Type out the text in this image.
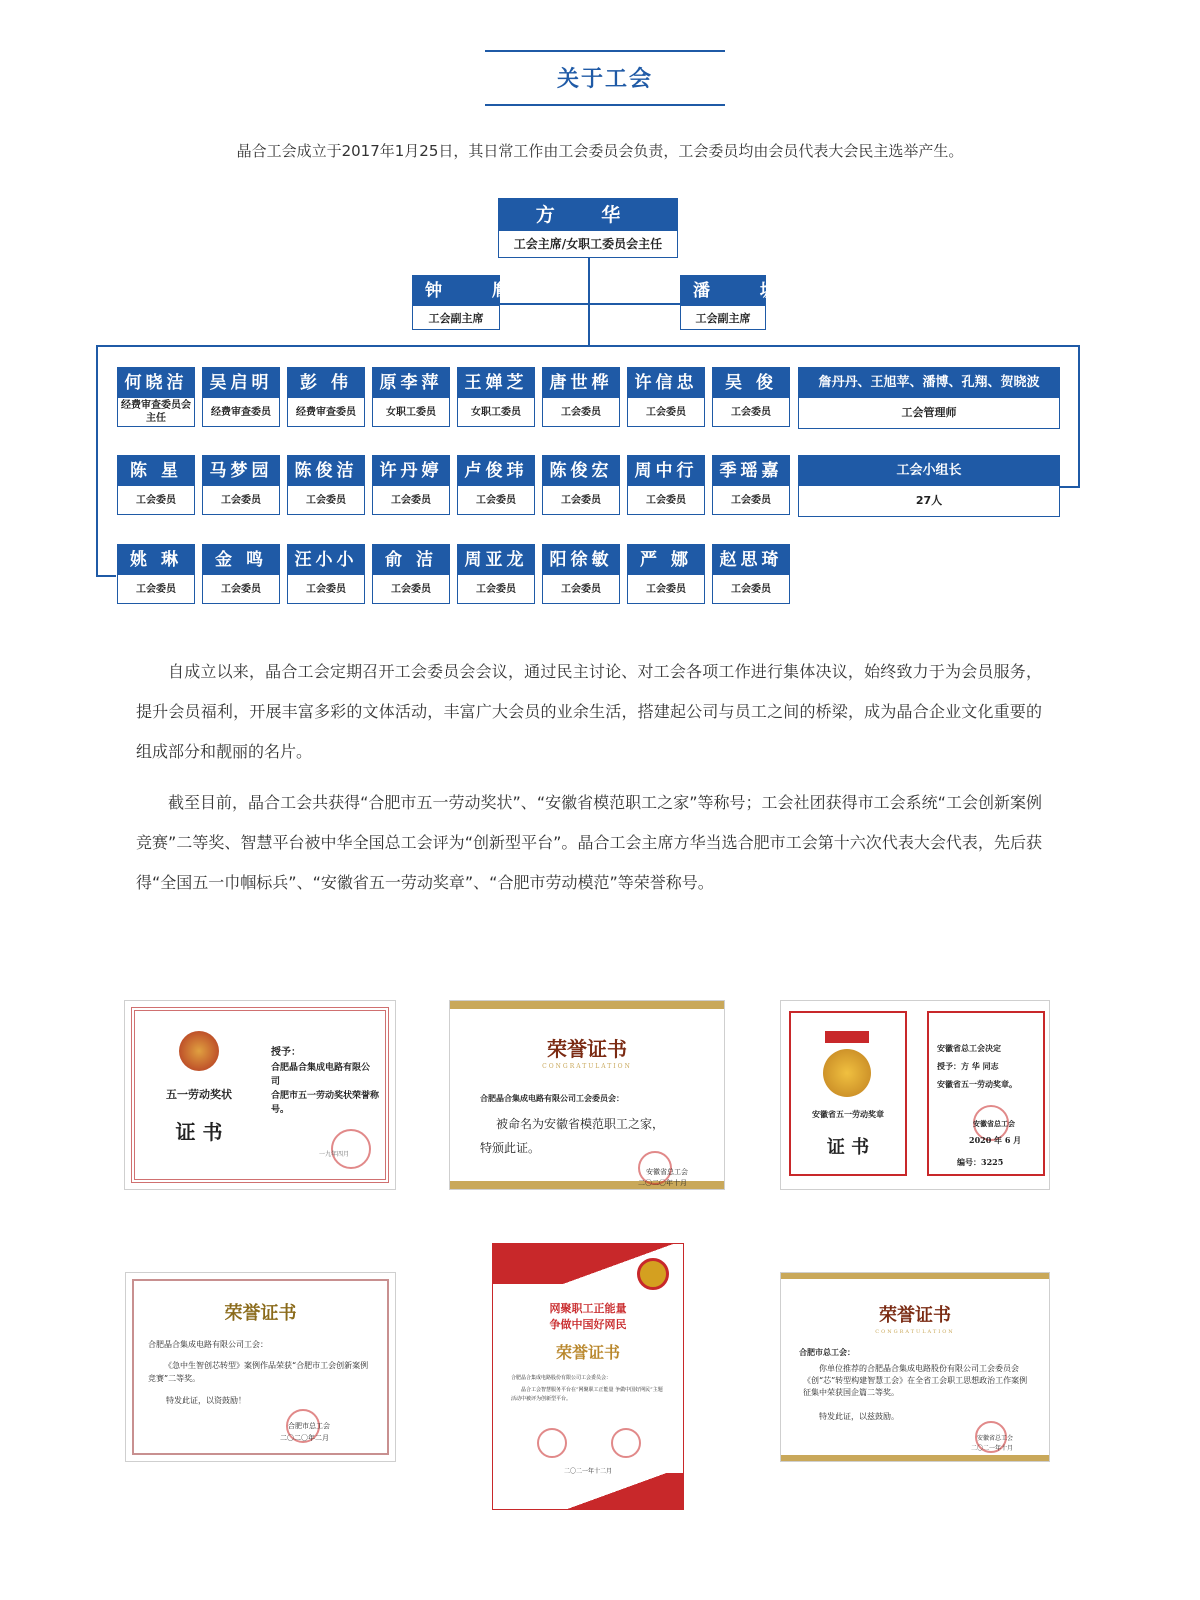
关于工会
晶合工会成立于2017年1月25日，其日常工作由工会委员会负责，工会委员均由会员代表大会民主选举产生。
方 华
工会主席/女职工委员会主任
钟 胤
工会副主席
潘 坡
工会副主席
詹丹丹、王旭苹、潘博、孔翔、贺晓波
工会管理师
工会小组长
27人
何晓洁
经费审查委员会主任
吴启明
经费审查委员
彭 伟
经费审查委员
原李萍
女职工委员
王婵芝
女职工委员
唐世桦
工会委员
许信忠
工会委员
吴 俊
工会委员
陈 星
工会委员
马梦园
工会委员
陈俊洁
工会委员
许丹婷
工会委员
卢俊玮
工会委员
陈俊宏
工会委员
周中行
工会委员
季瑶嘉
工会委员
姚 琳
工会委员
金 鸣
工会委员
汪小小
工会委员
俞 洁
工会委员
周亚龙
工会委员
阳徐敏
工会委员
严 娜
工会委员
赵思琦
工会委员
自成立以来，晶合工会定期召开工会委员会会议，通过民主讨论、对工会各项工作进行集体决议，始终致力于为会员服务，提升会员福利，开展丰富多彩的文体活动，丰富广大会员的业余生活，搭建起公司与员工之间的桥梁，成为晶合企业文化重要的组成部分和靓丽的名片。
截至目前，晶合工会共获得“合肥市五一劳动奖状”、“安徽省模范职工之家”等称号；工会社团获得市工会系统“工会创新案例竞赛”二等奖、智慧平台被中华全国总工会评为“创新型平台”。晶合工会主席方华当选合肥市工会第十六次代表大会代表，先后获得“全国五一巾帼标兵”、“安徽省五一劳动奖章”、“合肥市劳动模范”等荣誉称号。
五一劳动奖状
证 书
授予：
合肥晶合集成电路有限公司
合肥市五一劳动奖状荣誉称号。
一九年四月
荣誉证书
CONGRATULATION
合肥晶合集成电路有限公司工会委员会：
被命名为安徽省模范职工之家，
特颁此证。
安徽省总工会
二〇二〇年十月
安徽省五一劳动奖章
证 书
安徽省总工会决定
授予：方 华 同志
安徽省五一劳动奖章。
安徽省总工会
2020 年 6 月
编号：3225
荣誉证书
合肥晶合集成电路有限公司工会：
《急中生智创芯转型》案例作品荣获“合肥市工会创新案例竞赛”二等奖。
特发此证，以资鼓励！
合肥市总工会
二〇二〇年二月
网聚职工正能量
争做中国好网民
荣誉证书
合肥晶合集成电路股份有限公司工会委员会：
晶合工会智慧服务平台在“网聚职工正能量 争做中国好网民”主题活动中被评为创新型平台。
二〇二一年十二月
荣誉证书
CONGRATULATION
合肥市总工会：
你单位推荐的合肥晶合集成电路股份有限公司工会委员会《创“芯”转型构建智慧工会》在全省工会职工思想政治工作案例征集中荣获国企篇二等奖。
特发此证，以兹鼓励。
安徽省总工会
二〇二一年十月
